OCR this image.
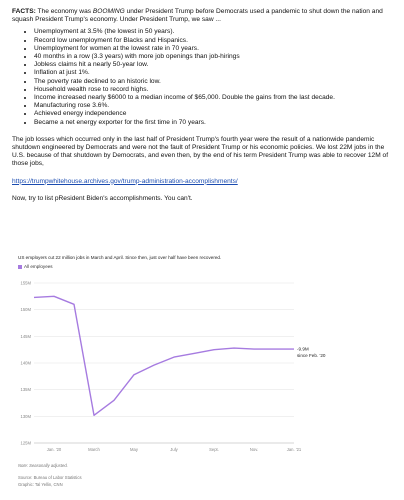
FACTS: The economy was BOOMING under President Trump before Democrats used a pandemic to shut down the nation and squash President Trump's economy. Under President Trump, we saw ...

• Unemployment at 3.5% (the lowest in 50 years).
• Record low unemployment for Blacks and Hispanics.
• Unemployment for women at the lowest rate in 70 years.
• 40 months in a row (3.3 years) with more job openings than job-hirings
• Jobless claims hit a nearly 50-year low.
• Inflation at just 1%.
• The poverty rate declined to an historic low.
• Household wealth rose to record highs.
• Income increased nearly $6000 to a median income of $65,000. Double the gains from the last decade.
• Manufacturing rose 3.6%.
• Achieved energy independence
• Became a net energy exporter for the first time in 70 years.

The job losses which occurred only in the last half of President Trump's fourth year were the result of a nationwide pandemic shutdown engineered by Democrats and were not the fault of President Trump or his economic policies. We lost 22M jobs in the U.S. because of that shutdown by Democrats, and even then, by the end of his term President Trump was able to recover 12M of those jobs,

https://trumpwhitehouse.archives.gov/trump-administration-accomplishments/

Now, try to list pResident Biden's accomplishments. You can't.

US employers cut 22 million jobs in March and April. Since then, just over half have been recovered.
All employees
125M
130M
135M
140M
145M
150M
155M
Jan. '20	March	May	July	Sept.	Nov.	Jan. '21
-9.9M
since Feb. '20
Note: Seasonally adjusted.
Source: Bureau of Labor Statistics
Graphic: Tal Yellin, CNN
